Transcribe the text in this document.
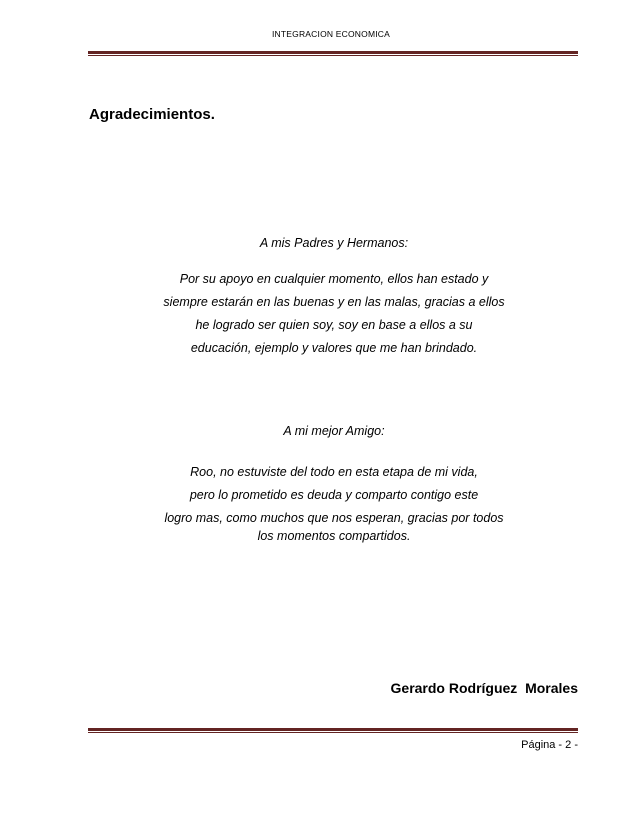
INTEGRACION ECONOMICA
Agradecimientos.
A mis Padres y Hermanos:
Por su apoyo en cualquier momento, ellos han estado y
siempre estarán en las buenas y en las malas, gracias a ellos
he logrado ser quien soy, soy en base a ellos a su
educación, ejemplo y valores que me han brindado.
A mi mejor Amigo:
Roo, no estuviste del todo en esta etapa de mi vida,
pero lo prometido es deuda y comparto contigo este
logro mas, como muchos que nos esperan, gracias por todos
los momentos compartidos.
Gerardo Rodríguez  Morales
Página - 2 -
